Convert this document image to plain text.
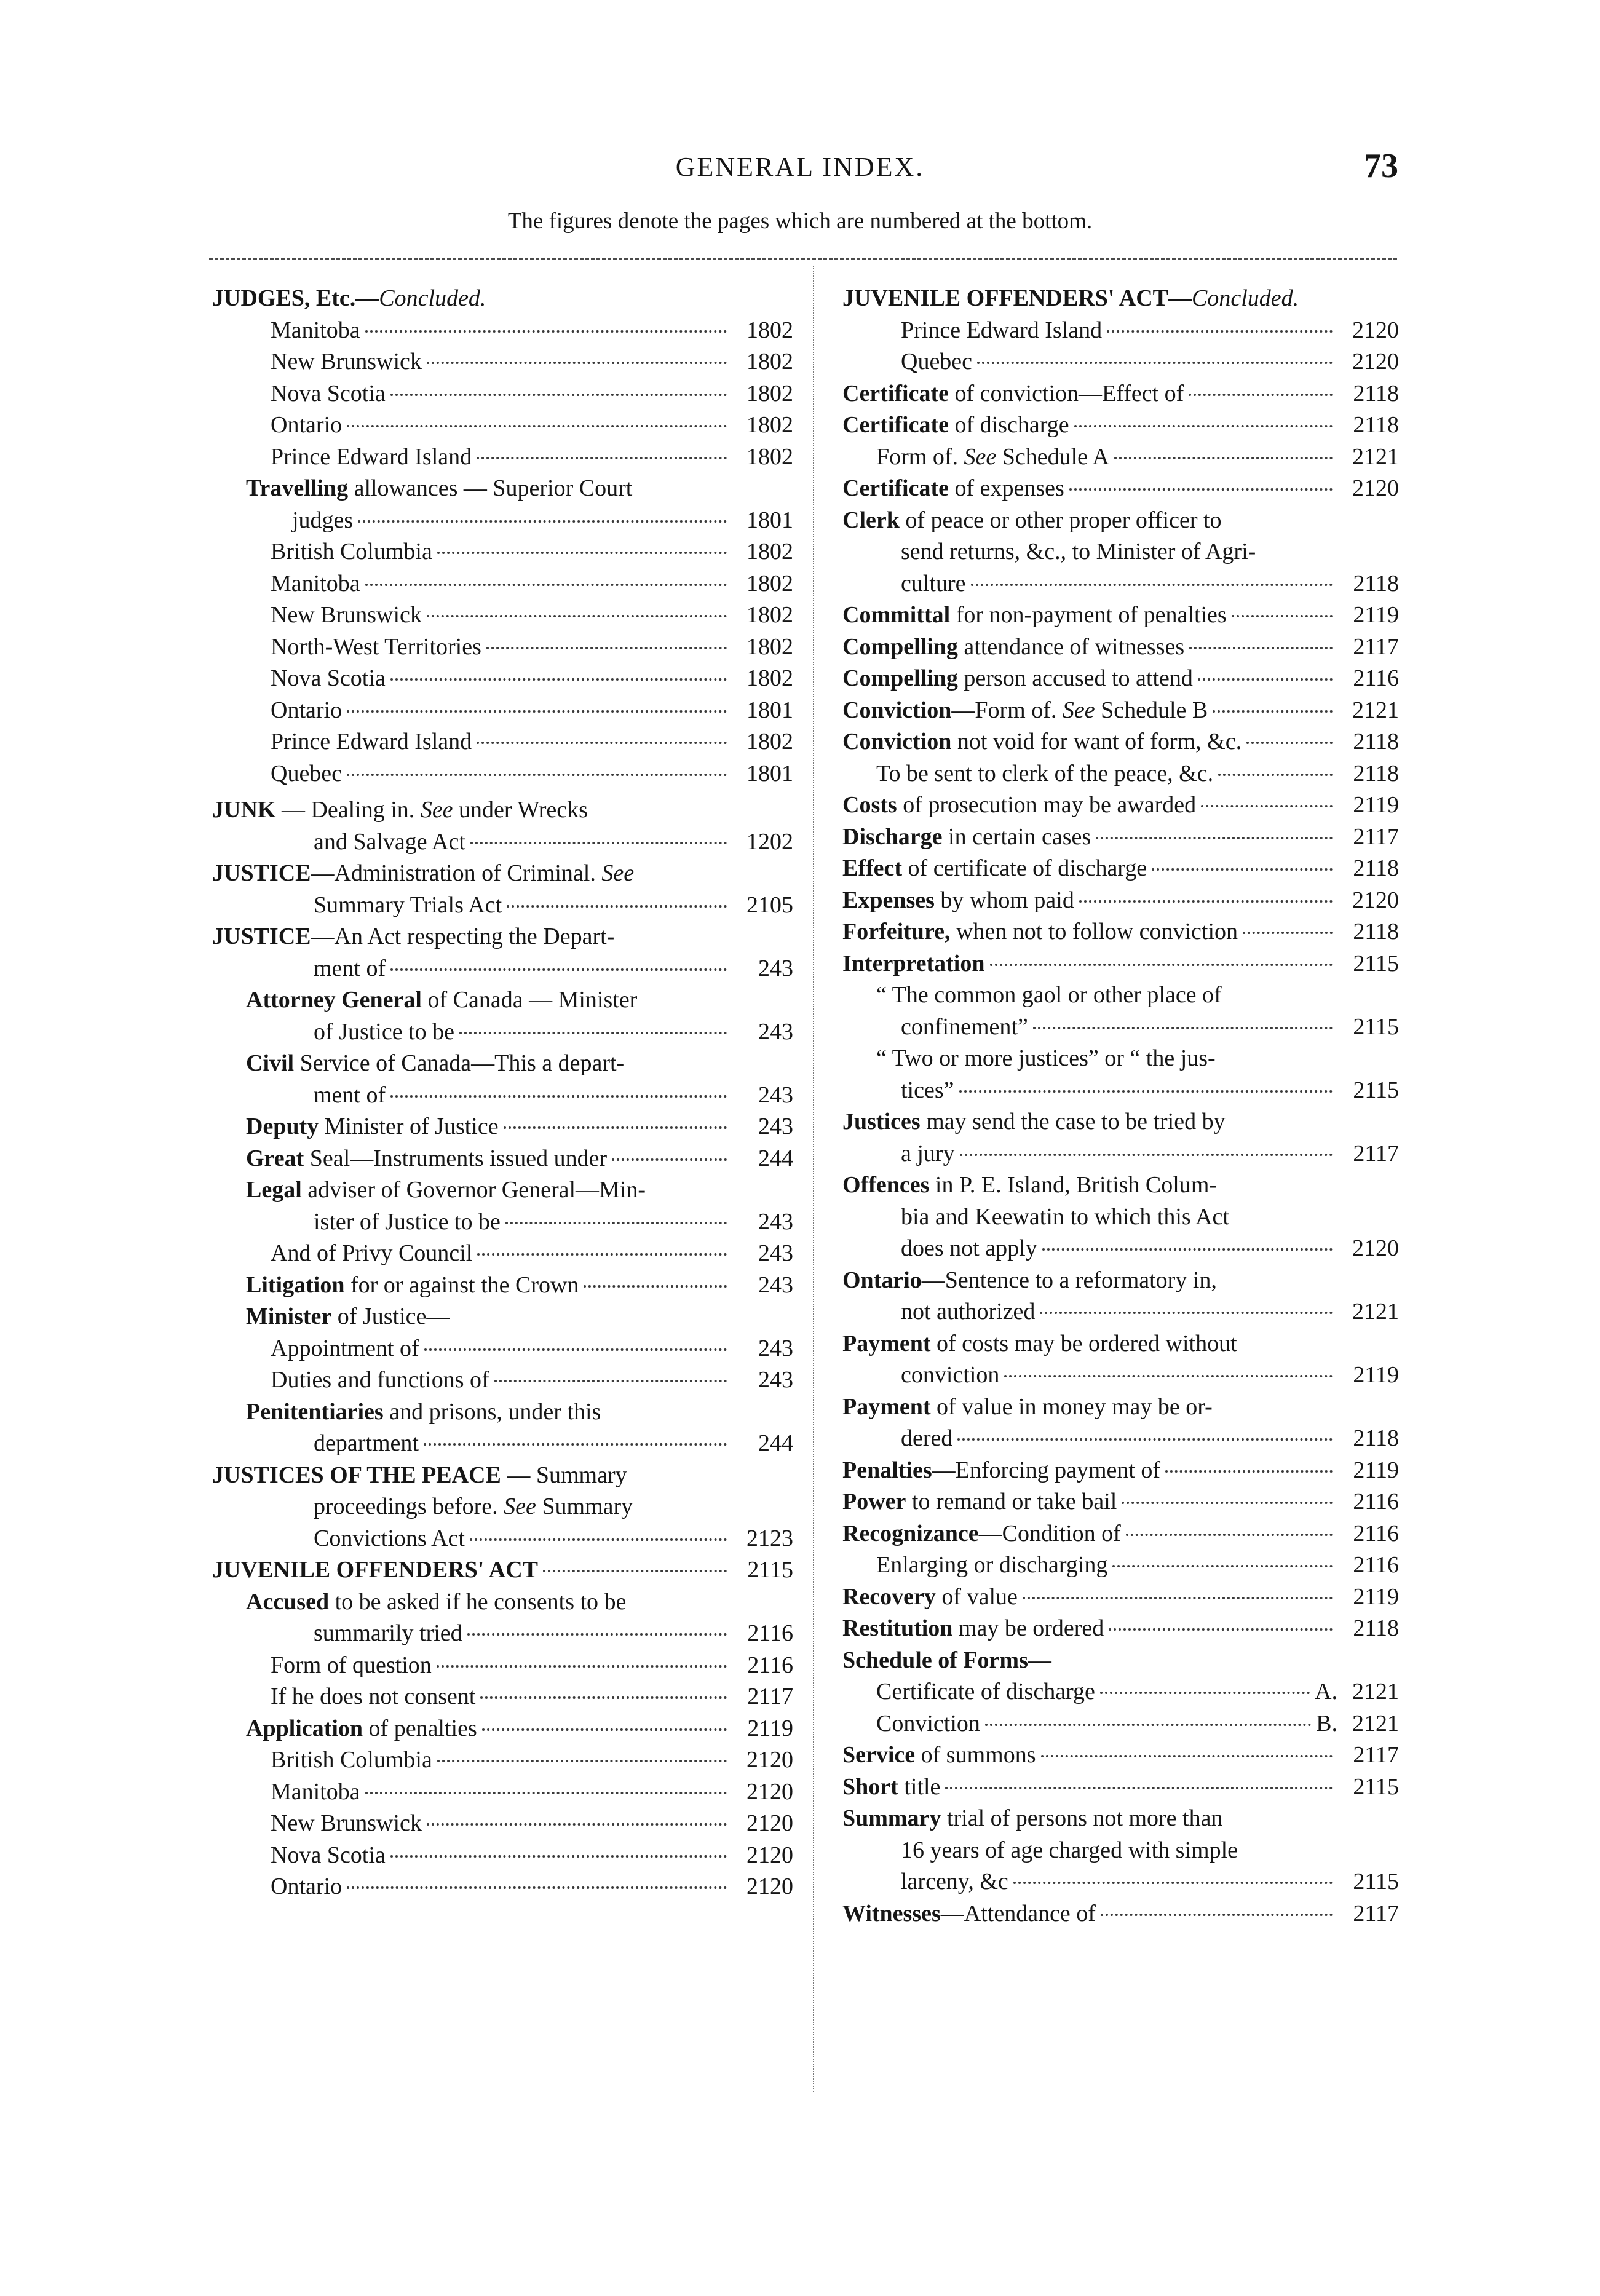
GENERAL INDEX.	73
The figures denote the pages which are numbered at the bottom.
JUDGES, Etc.—Concluded.
Manitoba	1802
New Brunswick	1802
Nova Scotia	1802
Ontario	1802
Prince Edward Island	1802
Travelling allowances — Superior Court
judges	1801
British Columbia	1802
Manitoba	1802
New Brunswick	1802
North-West Territories	1802
Nova Scotia	1802
Ontario	1801
Prince Edward Island	1802
Quebec	1801
JUNK — Dealing in. See under Wrecks
and Salvage Act	1202
JUSTICE—Administration of Criminal. See
Summary Trials Act	2105
JUSTICE—An Act respecting the Depart-
ment of	243
Attorney General of Canada — Minister
of Justice to be	243
Civil Service of Canada—This a depart-
ment of	243
Deputy Minister of Justice	243
Great Seal—Instruments issued under	244
Legal adviser of Governor General—Min-
ister of Justice to be	243
And of Privy Council	243
Litigation for or against the Crown	243
Minister of Justice—
Appointment of	243
Duties and functions of	243
Penitentiaries and prisons, under this
department	244
JUSTICES OF THE PEACE — Summary
proceedings before. See Summary
Convictions Act	2123
JUVENILE OFFENDERS' ACT	2115
Accused to be asked if he consents to be
summarily tried	2116
Form of question	2116
If he does not consent	2117
Application of penalties	2119
British Columbia	2120
Manitoba	2120
New Brunswick	2120
Nova Scotia	2120
Ontario	2120
JUVENILE OFFENDERS' ACT—Concluded.
Prince Edward Island	2120
Quebec	2120
Certificate of conviction—Effect of	2118
Certificate of discharge	2118
Form of. See Schedule A	2121
Certificate of expenses	2120
Clerk of peace or other proper officer to
send returns, &c., to Minister of Agri-
culture	2118
Committal for non-payment of penalties	2119
Compelling attendance of witnesses	2117
Compelling person accused to attend	2116
Conviction—Form of. See Schedule B	2121
Conviction not void for want of form, &c.	2118
To be sent to clerk of the peace, &c.	2118
Costs of prosecution may be awarded	2119
Discharge in certain cases	2117
Effect of certificate of discharge	2118
Expenses by whom paid	2120
Forfeiture, when not to follow conviction	2118
Interpretation	2115
“ The common gaol or other place of
confinement”	2115
“ Two or more justices” or “ the jus-
tices”	2115
Justices may send the case to be tried by
a jury	2117
Offences in P. E. Island, British Colum-
bia and Keewatin to which this Act
does not apply	2120
Ontario—Sentence to a reformatory in,
not authorized	2121
Payment of costs may be ordered without
conviction	2119
Payment of value in money may be or-
dered	2118
Penalties—Enforcing payment of	2119
Power to remand or take bail	2116
Recognizance—Condition of	2116
Enlarging or discharging	2116
Recovery of value	2119
Restitution may be ordered	2118
Schedule of Forms—
Certificate of discharge	A. 2121
Conviction	B. 2121
Service of summons	2117
Short title	2115
Summary trial of persons not more than
16 years of age charged with simple
larceny, &c	2115
Witnesses—Attendance of	2117
